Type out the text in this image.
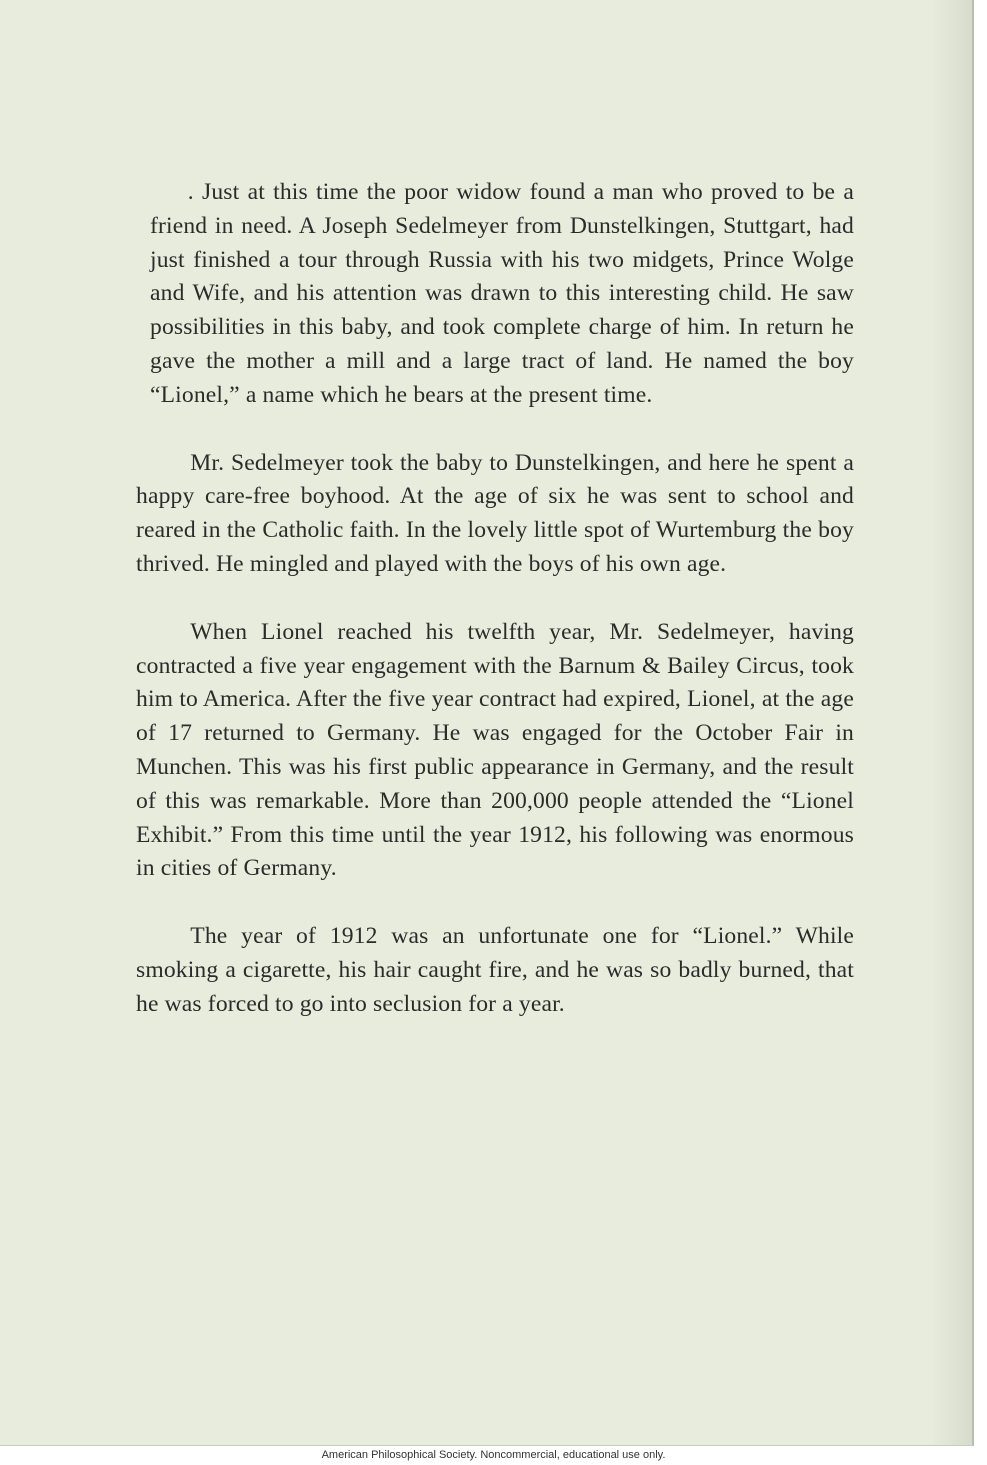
. Just at this time the poor widow found a man who proved to be a friend in need. A Joseph Sedelmeyer from Dunstelkingen, Stuttgart, had just finished a tour through Russia with his two midgets, Prince Wolge and Wife, and his attention was drawn to this interesting child. He saw possibilities in this baby, and took complete charge of him. In return he gave the mother a mill and a large tract of land. He named the boy “Lionel,” a name which he bears at the present time.

Mr. Sedelmeyer took the baby to Dunstelkingen, and here he spent a happy care-free boyhood. At the age of six he was sent to school and reared in the Catholic faith. In the lovely little spot of Wurtemburg the boy thrived. He mingled and played with the boys of his own age.

When Lionel reached his twelfth year, Mr. Sedelmeyer, having contracted a five year engagement with the Barnum & Bailey Circus, took him to America. After the five year contract had expired, Lionel, at the age of 17 returned to Germany. He was engaged for the October Fair in Munchen. This was his first public appearance in Germany, and the result of this was remarkable. More than 200,000 people attended the “Lionel Exhibit.” From this time until the year 1912, his following was enormous in cities of Germany.

The year of 1912 was an unfortunate one for “Lionel.” While smoking a cigarette, his hair caught fire, and he was so badly burned, that he was forced to go into seclusion for a year.

American Philosophical Society. Noncommercial, educational use only.
